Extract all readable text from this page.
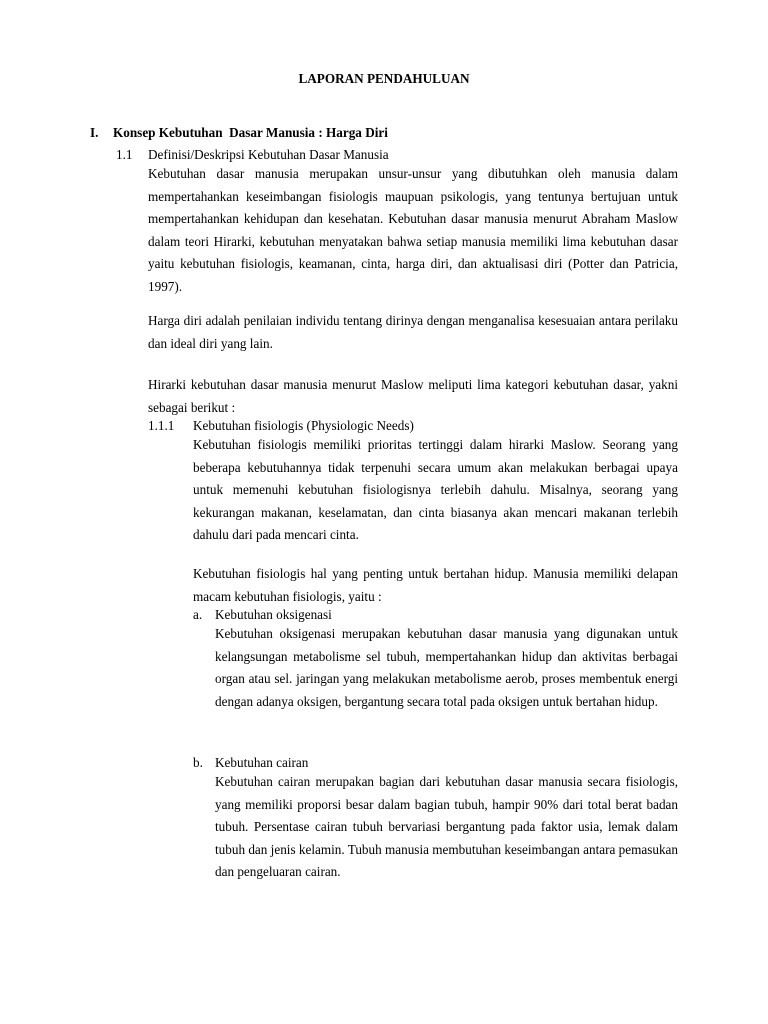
LAPORAN PENDAHULUAN
I. Konsep Kebutuhan  Dasar Manusia : Harga Diri
1.1 Definisi/Deskripsi Kebutuhan Dasar Manusia

Kebutuhan dasar manusia merupakan unsur-unsur yang dibutuhkan oleh manusia dalam mempertahankan keseimbangan fisiologis maupuan psikologis, yang tentunya bertujuan untuk mempertahankan kehidupan dan kesehatan. Kebutuhan dasar manusia menurut Abraham Maslow dalam teori Hirarki, kebutuhan menyatakan bahwa setiap manusia memiliki lima kebutuhan dasar yaitu kebutuhan fisiologis, keamanan, cinta, harga diri, dan aktualisasi diri (Potter dan Patricia, 1997).

Harga diri adalah penilaian individu tentang dirinya dengan menganalisa kesesuaian antara perilaku dan ideal diri yang lain.

Hirarki kebutuhan dasar manusia menurut Maslow meliputi lima kategori kebutuhan dasar, yakni sebagai berikut :

1.1.1 Kebutuhan fisiologis (Physiologic Needs)

Kebutuhan fisiologis memiliki prioritas tertinggi dalam hirarki Maslow. Seorang yang beberapa kebutuhannya tidak terpenuhi secara umum akan melakukan berbagai upaya untuk memenuhi kebutuhan fisiologisnya terlebih dahulu. Misalnya, seorang yang kekurangan makanan, keselamatan, dan cinta biasanya akan mencari makanan terlebih dahulu dari pada mencari cinta.

Kebutuhan fisiologis hal yang penting untuk bertahan hidup. Manusia memiliki delapan macam kebutuhan fisiologis, yaitu :

a. Kebutuhan oksigenasi

Kebutuhan oksigenasi merupakan kebutuhan dasar manusia yang digunakan untuk kelangsungan metabolisme sel tubuh, mempertahankan hidup dan aktivitas berbagai organ atau sel. jaringan yang melakukan metabolisme aerob, proses membentuk energi dengan adanya oksigen, bergantung secara total pada oksigen untuk bertahan hidup.

b. Kebutuhan cairan

Kebutuhan cairan merupakan bagian dari kebutuhan dasar manusia secara fisiologis, yang memiliki proporsi besar dalam bagian tubuh, hampir 90% dari total berat badan tubuh. Persentase cairan tubuh bervariasi bergantung pada faktor usia, lemak dalam tubuh dan jenis kelamin. Tubuh manusia membutuhan keseimbangan antara pemasukan dan pengeluaran cairan.
